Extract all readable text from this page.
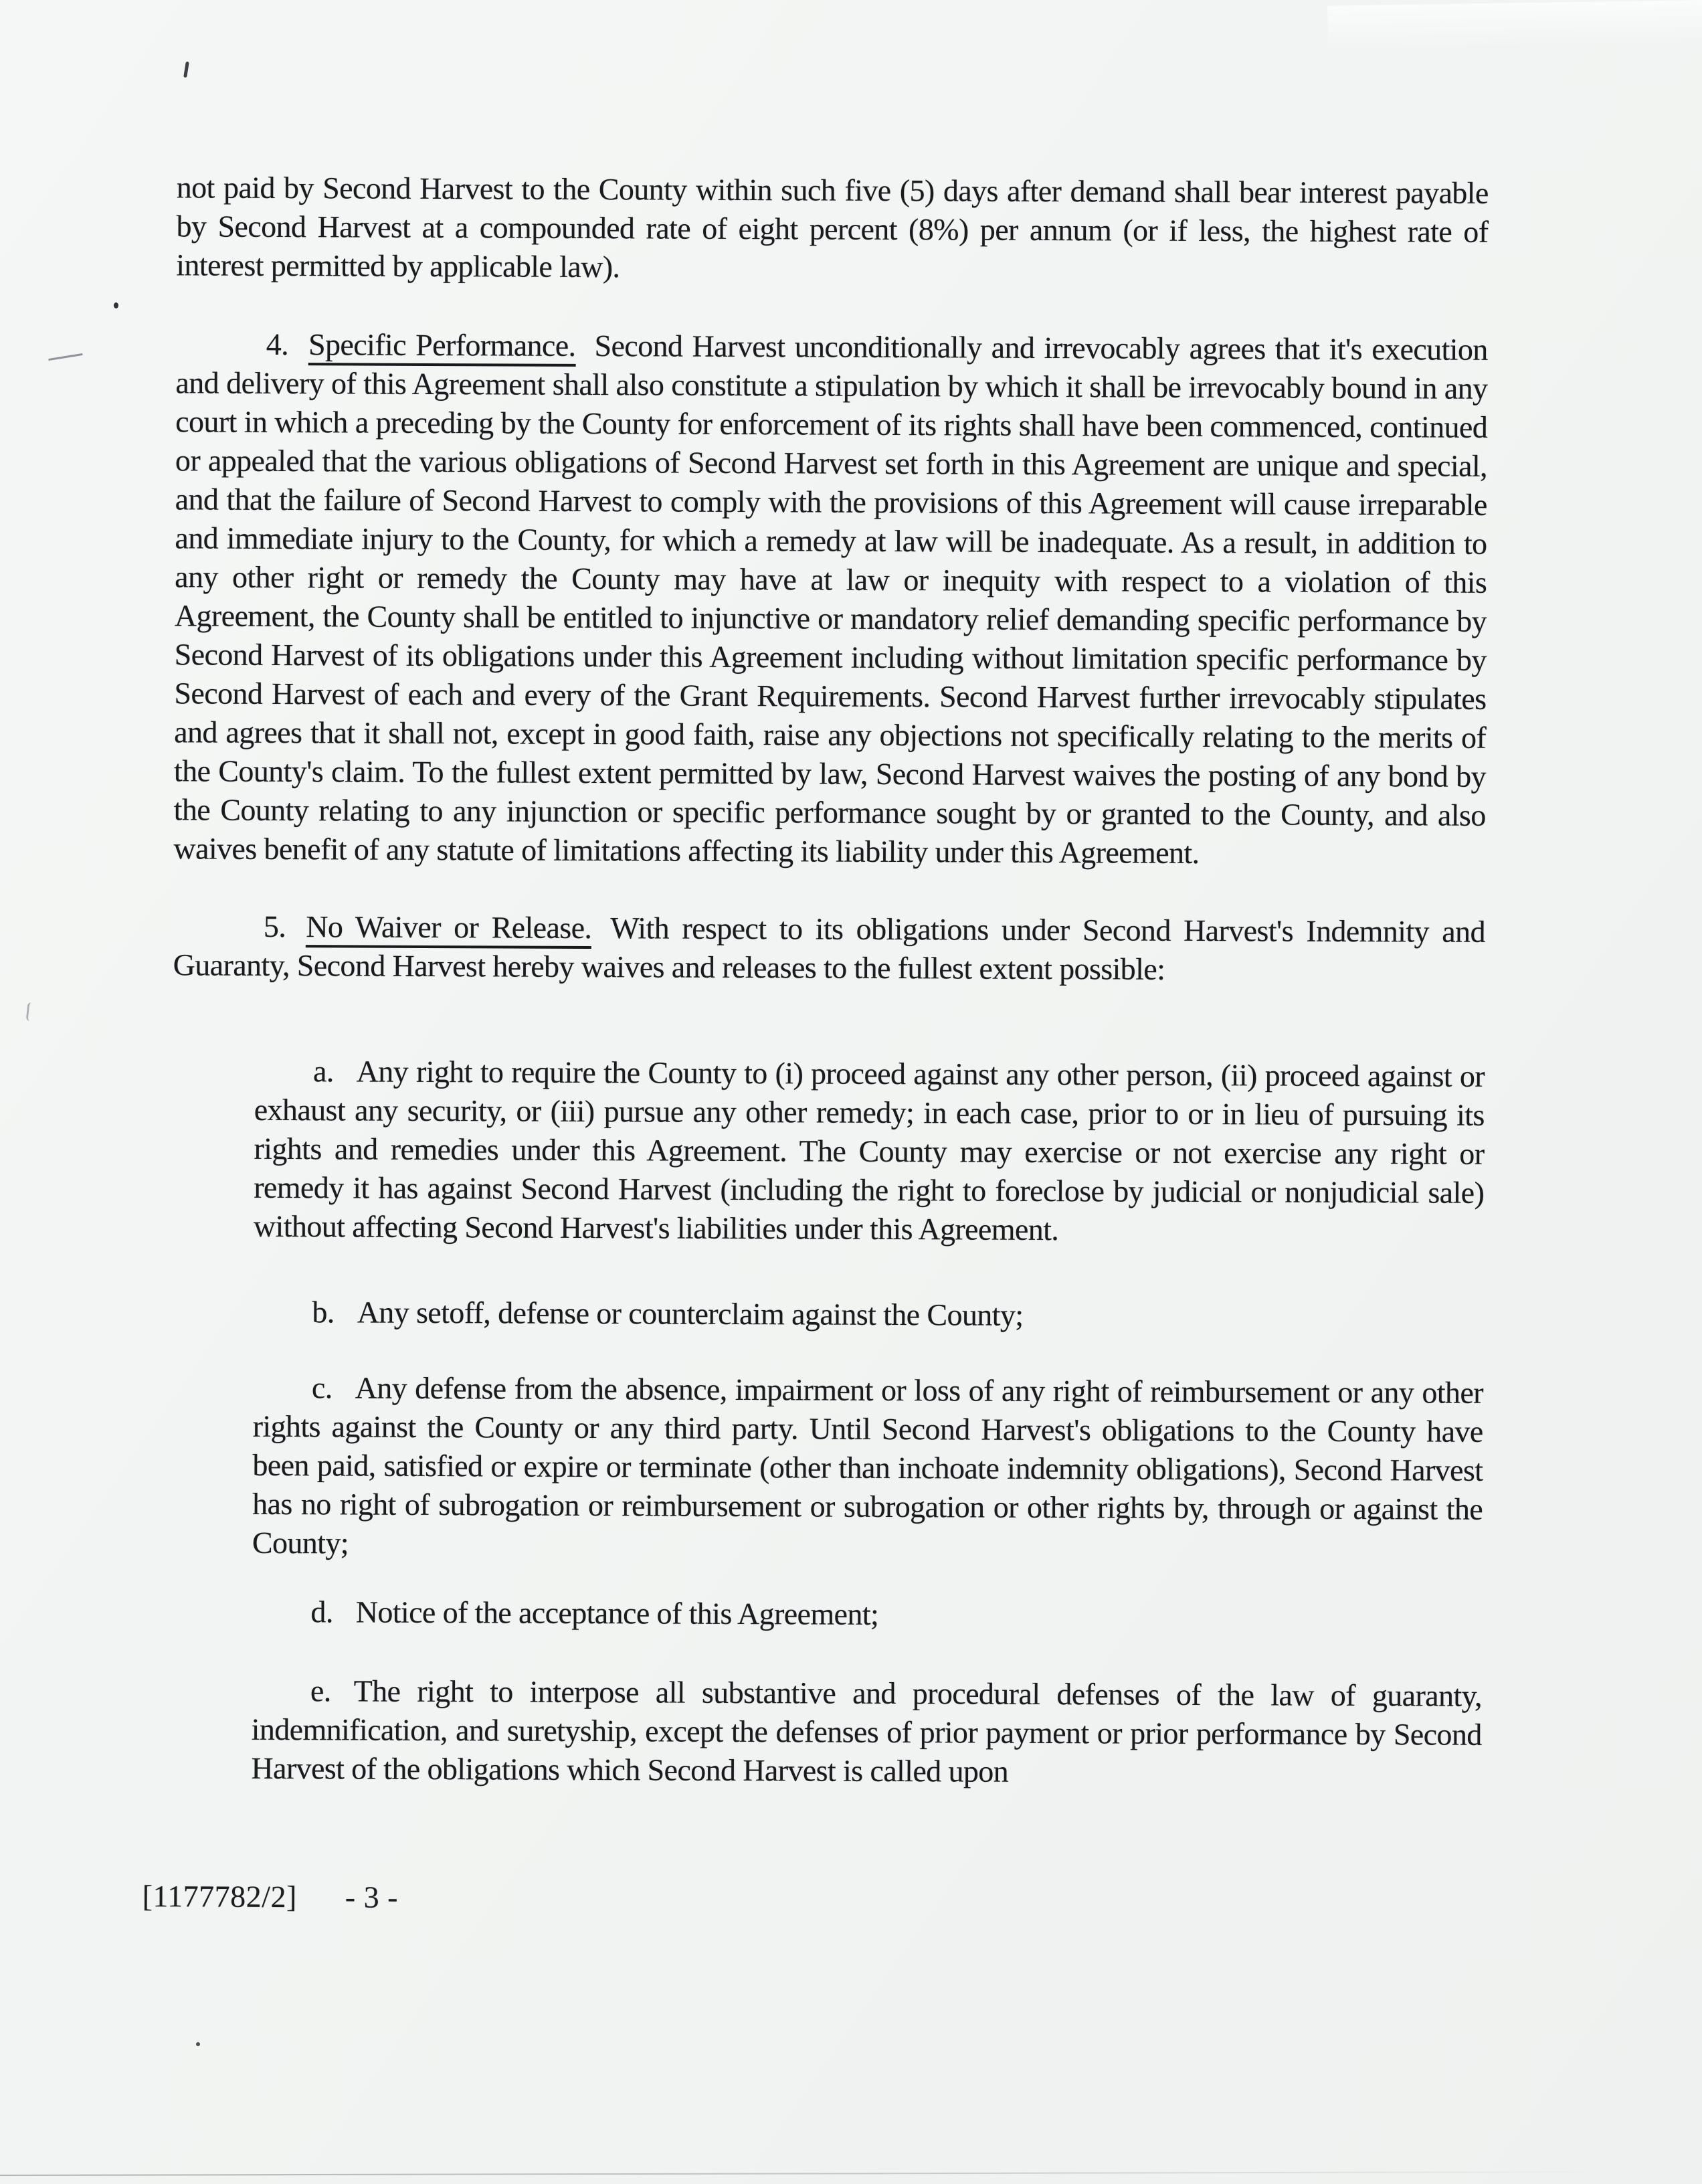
not paid by Second Harvest to the County within such five (5) days after demand shall bear interest payable by Second Harvest at a compounded rate of eight percent (8%) per annum (or if less, the highest rate of interest permitted by applicable law).

4. Specific Performance. Second Harvest unconditionally and irrevocably agrees that it's execution and delivery of this Agreement shall also constitute a stipulation by which it shall be irrevocably bound in any court in which a preceding by the County for enforcement of its rights shall have been commenced, continued or appealed that the various obligations of Second Harvest set forth in this Agreement are unique and special, and that the failure of Second Harvest to comply with the provisions of this Agreement will cause irreparable and immediate injury to the County, for which a remedy at law will be inadequate. As a result, in addition to any other right or remedy the County may have at law or inequity with respect to a violation of this Agreement, the County shall be entitled to injunctive or mandatory relief demanding specific performance by Second Harvest of its obligations under this Agreement including without limitation specific performance by Second Harvest of each and every of the Grant Requirements. Second Harvest further irrevocably stipulates and agrees that it shall not, except in good faith, raise any objections not specifically relating to the merits of the County's claim. To the fullest extent permitted by law, Second Harvest waives the posting of any bond by the County relating to any injunction or specific performance sought by or granted to the County, and also waives benefit of any statute of limitations affecting its liability under this Agreement.

5. No Waiver or Release. With respect to its obligations under Second Harvest's Indemnity and Guaranty, Second Harvest hereby waives and releases to the fullest extent possible:

a. Any right to require the County to (i) proceed against any other person, (ii) proceed against or exhaust any security, or (iii) pursue any other remedy; in each case, prior to or in lieu of pursuing its rights and remedies under this Agreement. The County may exercise or not exercise any right or remedy it has against Second Harvest (including the right to foreclose by judicial or nonjudicial sale) without affecting Second Harvest's liabilities under this Agreement.

b. Any setoff, defense or counterclaim against the County;

c. Any defense from the absence, impairment or loss of any right of reimbursement or any other rights against the County or any third party. Until Second Harvest's obligations to the County have been paid, satisfied or expire or terminate (other than inchoate indemnity obligations), Second Harvest has no right of subrogation or reimbursement or subrogation or other rights by, through or against the County;

d. Notice of the acceptance of this Agreement;

e. The right to interpose all substantive and procedural defenses of the law of guaranty, indemnification, and suretyship, except the defenses of prior payment or prior performance by Second Harvest of the obligations which Second Harvest is called upon

[1177782/2] - 3 -
